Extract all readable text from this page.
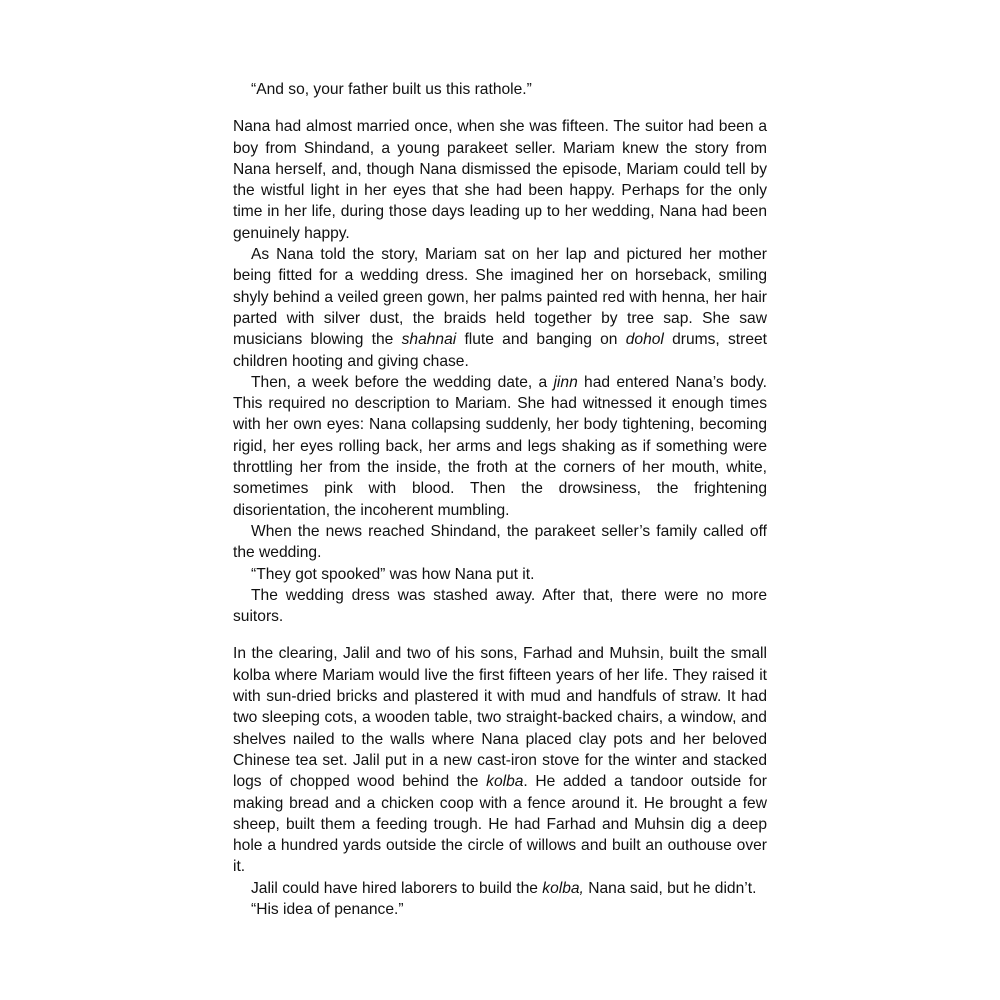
“And so, your father built us this rathole.”

Nana had almost married once, when she was fifteen. The suitor had been a boy from Shindand, a young parakeet seller. Mariam knew the story from Nana herself, and, though Nana dismissed the episode, Mariam could tell by the wistful light in her eyes that she had been happy. Perhaps for the only time in her life, during those days leading up to her wedding, Nana had been genuinely happy.

As Nana told the story, Mariam sat on her lap and pictured her mother being fitted for a wedding dress. She imagined her on horseback, smiling shyly behind a veiled green gown, her palms painted red with henna, her hair parted with silver dust, the braids held together by tree sap. She saw musicians blowing the shahnai flute and banging on dohol drums, street children hooting and giving chase.

Then, a week before the wedding date, a jinn had entered Nana’s body. This required no description to Mariam. She had witnessed it enough times with her own eyes: Nana collapsing suddenly, her body tightening, becoming rigid, her eyes rolling back, her arms and legs shaking as if something were throttling her from the inside, the froth at the corners of her mouth, white, sometimes pink with blood. Then the drowsiness, the frightening disorientation, the incoherent mumbling.

When the news reached Shindand, the parakeet seller’s family called off the wedding.

“They got spooked” was how Nana put it.

The wedding dress was stashed away. After that, there were no more suitors.

In the clearing, Jalil and two of his sons, Farhad and Muhsin, built the small kolba where Mariam would live the first fifteen years of her life. They raised it with sun-dried bricks and plastered it with mud and handfuls of straw. It had two sleeping cots, a wooden table, two straight-backed chairs, a window, and shelves nailed to the walls where Nana placed clay pots and her beloved Chinese tea set. Jalil put in a new cast-iron stove for the winter and stacked logs of chopped wood behind the kolba. He added a tandoor outside for making bread and a chicken coop with a fence around it. He brought a few sheep, built them a feeding trough. He had Farhad and Muhsin dig a deep hole a hundred yards outside the circle of willows and built an outhouse over it.

Jalil could have hired laborers to build the kolba, Nana said, but he didn’t.

“His idea of penance.”
